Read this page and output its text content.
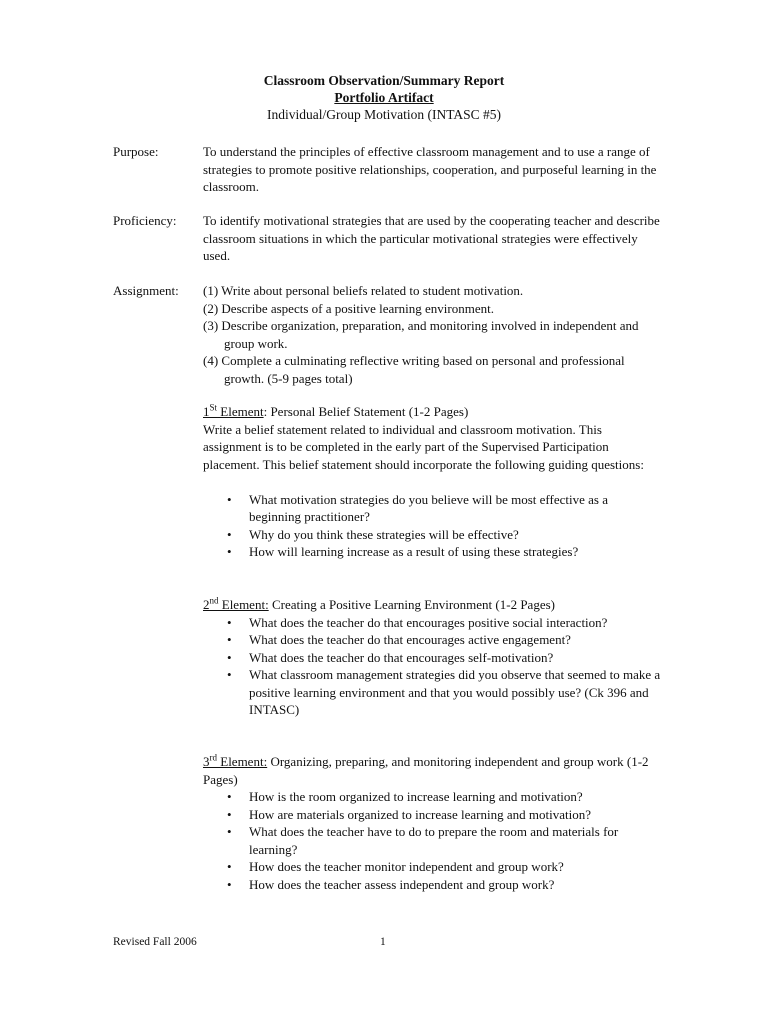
Classroom Observation/Summary Report
Portfolio Artifact
Individual/Group Motivation (INTASC #5)
Purpose:	To understand the principles of effective classroom management and to use a range of strategies to promote positive relationships, cooperation, and purposeful learning in the classroom.
Proficiency:	To identify motivational strategies that are used by the cooperating teacher and describe classroom situations in which the particular motivational strategies were effectively used.
Assignment:	(1) Write about personal beliefs related to student motivation.
(2) Describe aspects of a positive learning environment.
(3) Describe organization, preparation, and monitoring involved in independent and group work.
(4) Complete a culminating reflective writing based on personal and professional growth. (5-9 pages total)
1St Element: Personal Belief Statement (1-2 Pages)
Write a belief statement related to individual and classroom motivation. This assignment is to be completed in the early part of the Supervised Participation placement. This belief statement should incorporate the following guiding questions:
• What motivation strategies do you believe will be most effective as a beginning practitioner?
• Why do you think these strategies will be effective?
• How will learning increase as a result of using these strategies?
2nd Element: Creating a Positive Learning Environment (1-2 Pages)
• What does the teacher do that encourages positive social interaction?
• What does the teacher do that encourages active engagement?
• What does the teacher do that encourages self-motivation?
• What classroom management strategies did you observe that seemed to make a positive learning environment and that you would possibly use? (Ck 396 and INTASC)
3rd Element: Organizing, preparing, and monitoring independent and group work (1-2 Pages)
• How is the room organized to increase learning and motivation?
• How are materials organized to increase learning and motivation?
• What does the teacher have to do to prepare the room and materials for learning?
• How does the teacher monitor independent and group work?
• How does the teacher assess independent and group work?
Revised Fall 2006	1
